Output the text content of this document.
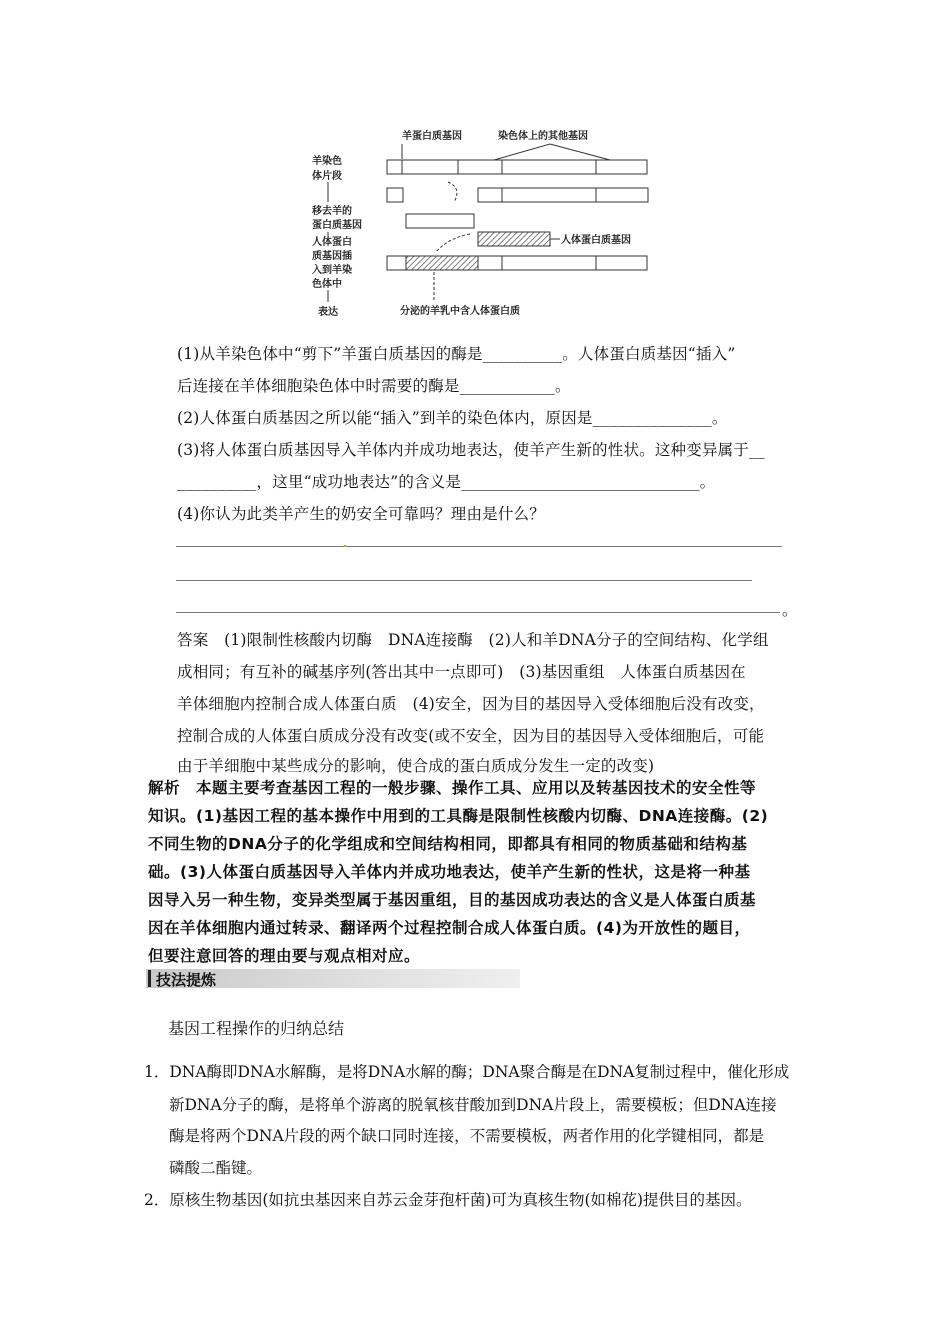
羊蛋白质基因	染色体上的其他基因
羊染色
体片段
移去羊的
蛋白质基因
人体蛋白
质基因插
入到羊染
色体中
表达
人体蛋白质基因
分泌的羊乳中含人体蛋白质
(1)从羊染色体中“剪下”羊蛋白质基因的酶是__________。人体蛋白质基因“插入”
后连接在羊体细胞染色体中时需要的酶是____________。
(2)人体蛋白质基因之所以能“插入”到羊的染色体内，原因是_______________。
(3)将人体蛋白质基因导入羊体内并成功地表达，使羊产生新的性状。这种变异属于__
__________，这里“成功地表达”的含义是______________________________。
(4)你认为此类羊产生的奶安全可靠吗？理由是什么？
。
答案　(1)限制性核酸内切酶　DNA连接酶　(2)人和羊DNA分子的空间结构、化学组
成相同；有互补的碱基序列(答出其中一点即可)　(3)基因重组　人体蛋白质基因在
羊体细胞内控制合成人体蛋白质　(4)安全，因为目的基因导入受体细胞后没有改变，
控制合成的人体蛋白质成分没有改变(或不安全，因为目的基因导入受体细胞后，可能
由于羊细胞中某些成分的影响，使合成的蛋白质成分发生一定的改变)
解析　本题主要考查基因工程的一般步骤、操作工具、应用以及转基因技术的安全性等
知识。(1)基因工程的基本操作中用到的工具酶是限制性核酸内切酶、DNA连接酶。(2)
不同生物的DNA分子的化学组成和空间结构相同，即都具有相同的物质基础和结构基
础。(3)人体蛋白质基因导入羊体内并成功地表达，使羊产生新的性状，这是将一种基
因导入另一种生物，变异类型属于基因重组，目的基因成功表达的含义是人体蛋白质基
因在羊体细胞内通过转录、翻译两个过程控制合成人体蛋白质。(4)为开放性的题目，
但要注意回答的理由要与观点相对应。
技法提炼
基因工程操作的归纳总结
1．DNA酶即DNA水解酶，是将DNA水解的酶；DNA聚合酶是在DNA复制过程中，催化形成
新DNA分子的酶，是将单个游离的脱氧核苷酸加到DNA片段上，需要模板；但DNA连接
酶是将两个DNA片段的两个缺口同时连接，不需要模板，两者作用的化学键相同，都是
磷酸二酯键。
2．原核生物基因(如抗虫基因来自苏云金芽孢杆菌)可为真核生物(如棉花)提供目的基因。
